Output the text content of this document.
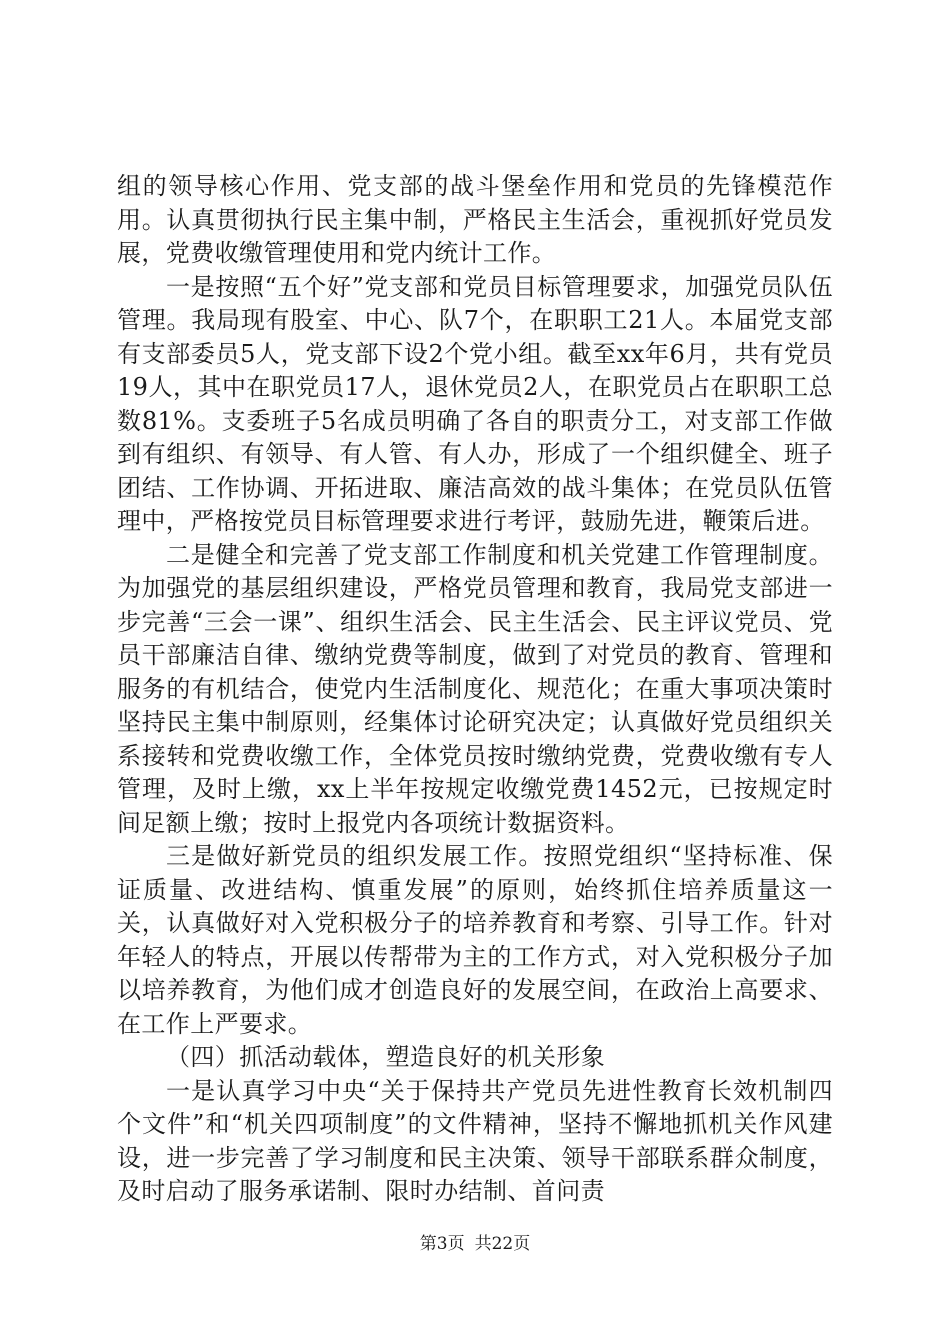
组的领导核心作用、党支部的战斗堡垒作用和党员的先锋模范作用。认真贯彻执行民主集中制，严格民主生活会，重视抓好党员发展，党费收缴管理使用和党内统计工作。

一是按照“五个好”党支部和党员目标管理要求，加强党员队伍管理。我局现有股室、中心、队7个，在职职工21人。本届党支部有支部委员5人，党支部下设2个党小组。截至xx年6月，共有党员19人，其中在职党员17人，退休党员2人，在职党员占在职职工总数81%。支委班子5名成员明确了各自的职责分工，对支部工作做到有组织、有领导、有人管、有人办，形成了一个组织健全、班子团结、工作协调、开拓进取、廉洁高效的战斗集体；在党员队伍管理中，严格按党员目标管理要求进行考评，鼓励先进，鞭策后进。

二是健全和完善了党支部工作制度和机关党建工作管理制度。为加强党的基层组织建设，严格党员管理和教育，我局党支部进一步完善“三会一课”、组织生活会、民主生活会、民主评议党员、党员干部廉洁自律、缴纳党费等制度，做到了对党员的教育、管理和服务的有机结合，使党内生活制度化、规范化；在重大事项决策时坚持民主集中制原则，经集体讨论研究决定；认真做好党员组织关系接转和党费收缴工作，全体党员按时缴纳党费，党费收缴有专人管理，及时上缴，xx上半年按规定收缴党费1452元，已按规定时间足额上缴；按时上报党内各项统计数据资料。

三是做好新党员的组织发展工作。按照党组织“坚持标准、保证质量、改进结构、慎重发展”的原则，始终抓住培养质量这一关，认真做好对入党积极分子的培养教育和考察、引导工作。针对年轻人的特点，开展以传帮带为主的工作方式，对入党积极分子加以培养教育，为他们成才创造良好的发展空间，在政治上高要求、在工作上严要求。

（四）抓活动载体，塑造良好的机关形象

一是认真学习中央“关于保持共产党员先进性教育长效机制四个文件”和“机关四项制度”的文件精神，坚持不懈地抓机关作风建设，进一步完善了学习制度和民主决策、领导干部联系群众制度，及时启动了服务承诺制、限时办结制、首问责

第3页 共22页
